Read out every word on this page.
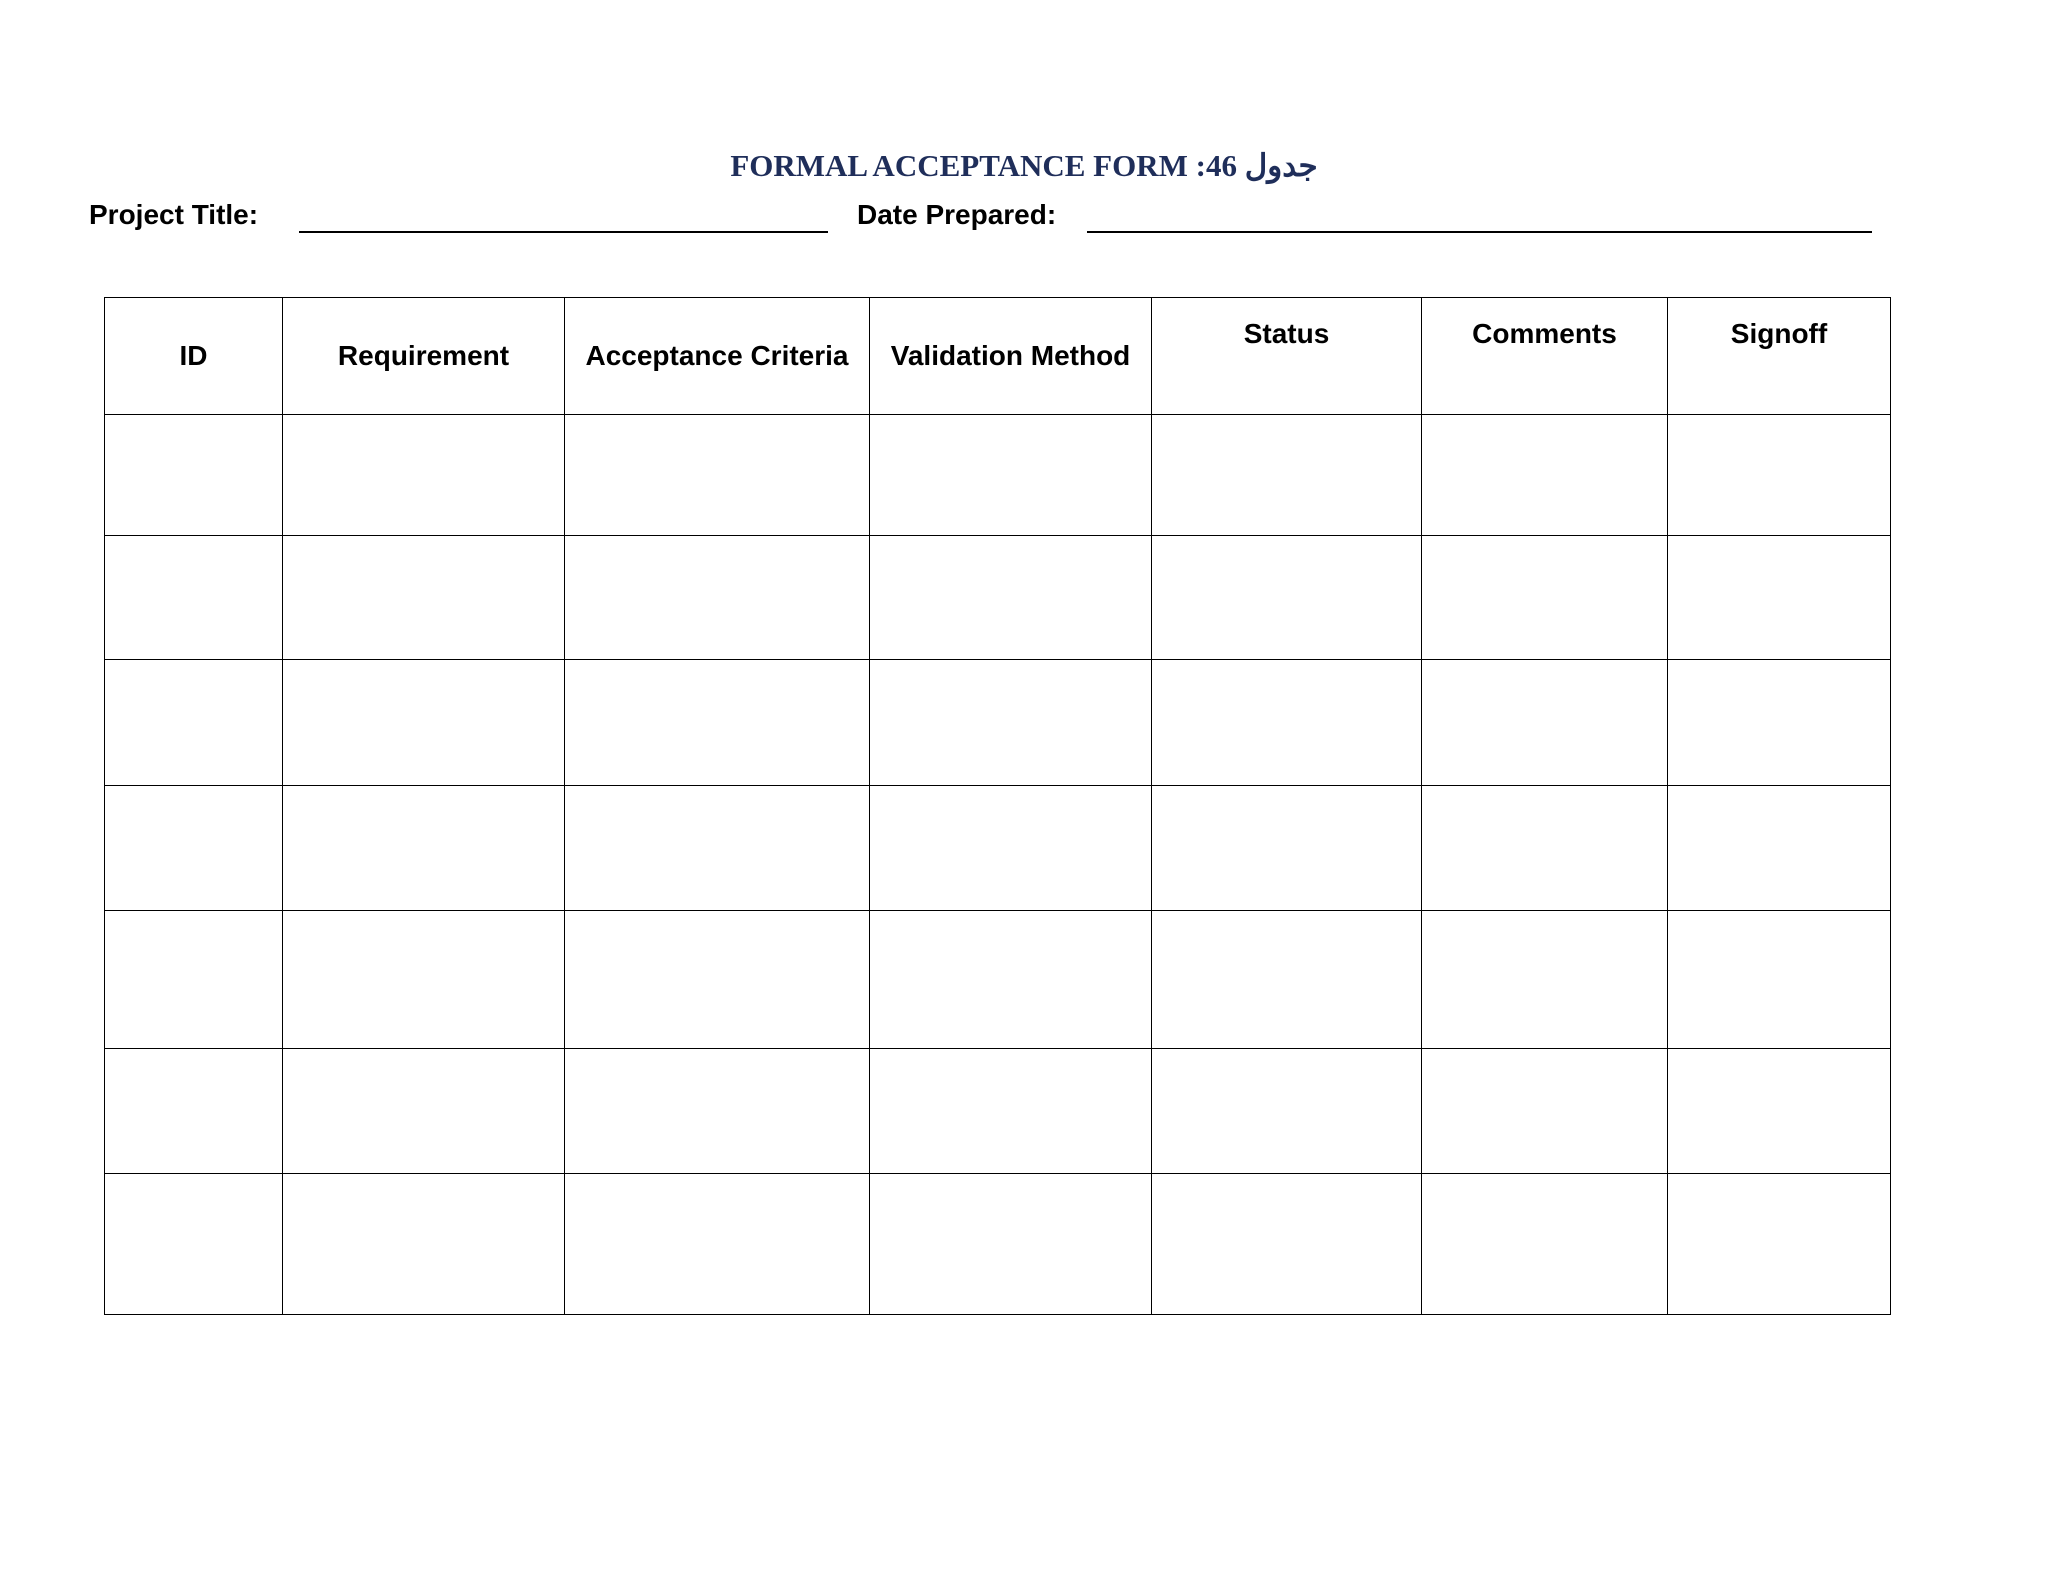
FORMAL ACCEPTANCE FORM :46 جدول
Project Title:	Date Prepared:
ID	Requirement	Acceptance Criteria	Validation Method	Status	Comments	Signoff
